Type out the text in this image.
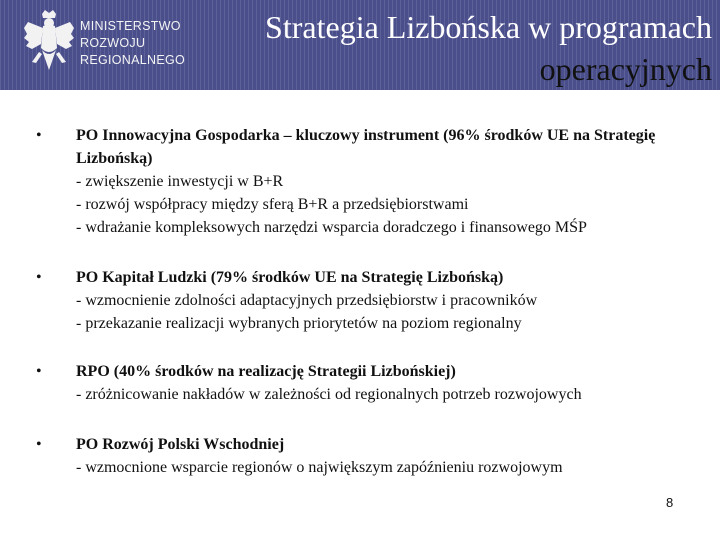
MINISTERSTWO
ROZWOJU
REGIONALNEGO
Strategia Lizbońska w programach
operacyjnych
• PO Innowacyjna Gospodarka – kluczowy instrument (96% środków UE na Strategię Lizbońską)
- zwiększenie inwestycji w B+R
- rozwój współpracy między sferą B+R a przedsiębiorstwami
- wdrażanie kompleksowych narzędzi wsparcia doradczego i finansowego MŚP
• PO Kapitał Ludzki (79% środków UE na Strategię Lizbońską)
- wzmocnienie zdolności adaptacyjnych przedsiębiorstw i pracowników
- przekazanie realizacji wybranych priorytetów na poziom regionalny
• RPO (40% środków na realizację Strategii Lizbońskiej)
- zróżnicowanie nakładów w zależności od regionalnych potrzeb rozwojowych
• PO Rozwój Polski Wschodniej
- wzmocnione wsparcie regionów o największym zapóźnieniu rozwojowym
8
